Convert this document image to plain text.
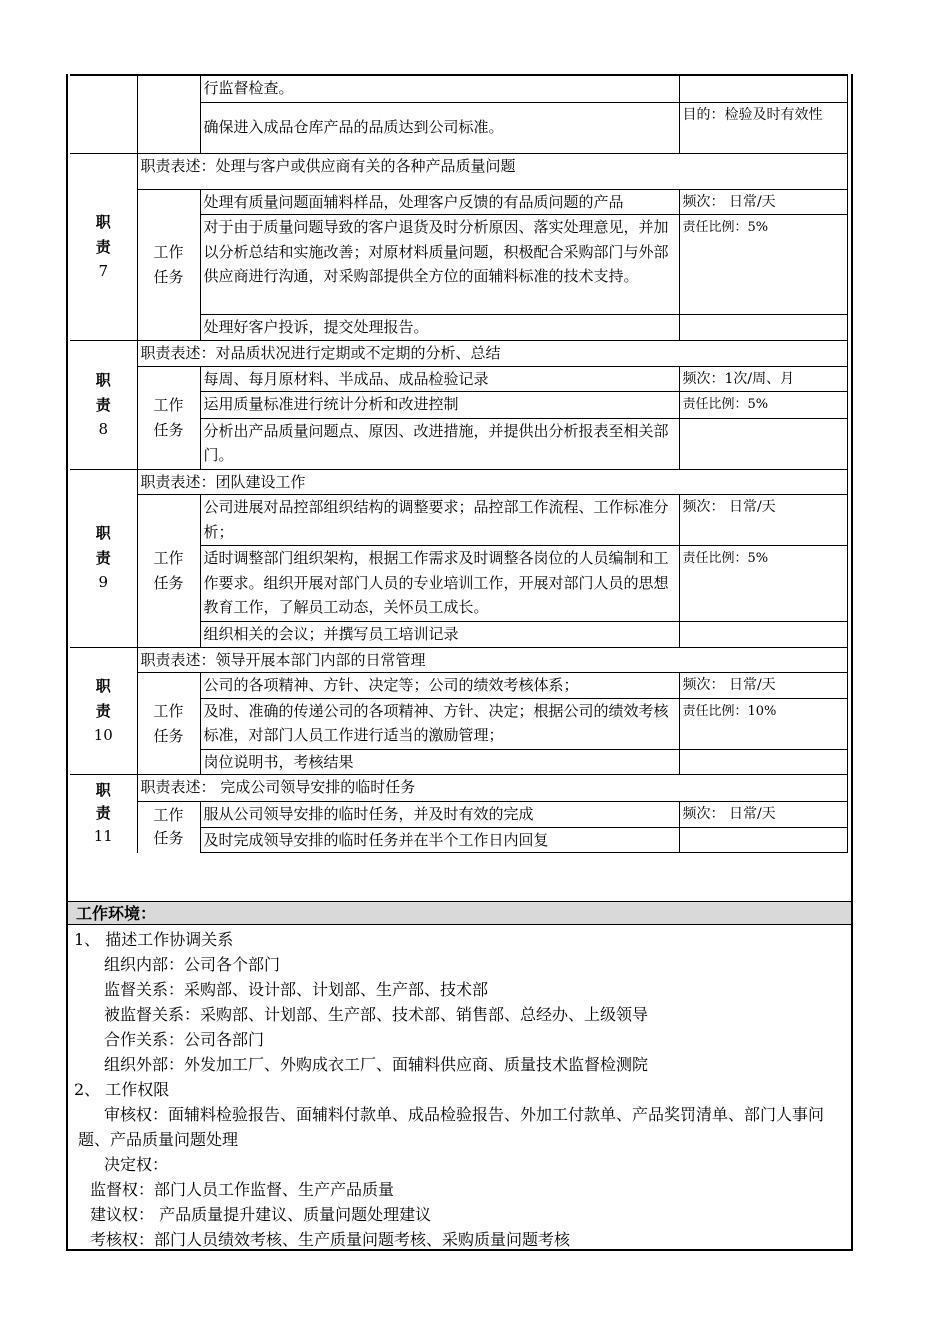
		行监督检查。	
		确保进入成品仓库产品的品质达到公司标准。	目的：检验及时有效性

职责
7	职责表述：处理与客户或供应商有关的各种产品质量问题		

	工作任务	处理有质量问题面辅料样品，处理客户反馈的有品质问题的产品	频次： 日常/天
		对于由于质量问题导致的客户退货及时分析原因、落实处理意见，并加以分析总结和实施改善；对原材料质量问题，积极配合采购部门与外部供应商进行沟通，对采购部提供全方位的面辅料标准的技术支持。	责任比例：5%
		处理好客户投诉，提交处理报告。	

职责
8	职责表述：对品质状况进行定期或不定期的分析、总结		

	工作任务	每周、每月原材料、半成品、成品检验记录	频次：1次/周、月
		运用质量标准进行统计分析和改进控制	责任比例：5%
		分析出产品质量问题点、原因、改进措施，并提供出分析报表至相关部门。	

职责
9	职责表述：团队建设工作		

	工作任务	公司进展对品控部组织结构的调整要求；品控部工作流程、工作标准分析；	频次： 日常/天
		适时调整部门组织架构，根据工作需求及时调整各岗位的人员编制和工作要求。组织开展对部门人员的专业培训工作，开展对部门人员的思想教育工作，了解员工动态，关怀员工成长。	责任比例：5%
		组织相关的会议；并撰写员工培训记录	

职责
10	职责表述：领导开展本部门内部的日常管理		

	工作任务	公司的各项精神、方针、决定等；公司的绩效考核体系；	频次： 日常/天
		及时、准确的传递公司的各项精神、方针、决定；根据公司的绩效考核标准，对部门人员工作进行适当的激励管理；	责任比例：10%
		岗位说明书，考核结果	

职责
11	职责表述： 完成公司领导安排的临时任务		

	工作任务	服从公司领导安排的临时任务，并及时有效的完成	频次： 日常/天
		及时完成领导安排的临时任务并在半个工作日内回复	
工作环境：
1、 描述工作协调关系
组织内部：公司各个部门
监督关系：采购部、设计部、计划部、生产部、技术部
被监督关系：采购部、计划部、生产部、技术部、销售部、总经办、上级领导
合作关系：公司各部门
组织外部：外发加工厂、外购成衣工厂、面辅料供应商、质量技术监督检测院
2、 工作权限
审核权：面辅料检验报告、面辅料付款单、成品检验报告、外加工付款单、产品奖罚清单、部门人事问题、产品质量问题处理
决定权：
监督权：部门人员工作监督、生产产品质量
建议权： 产品质量提升建议、质量问题处理建议
考核权：部门人员绩效考核、生产质量问题考核、采购质量问题考核
